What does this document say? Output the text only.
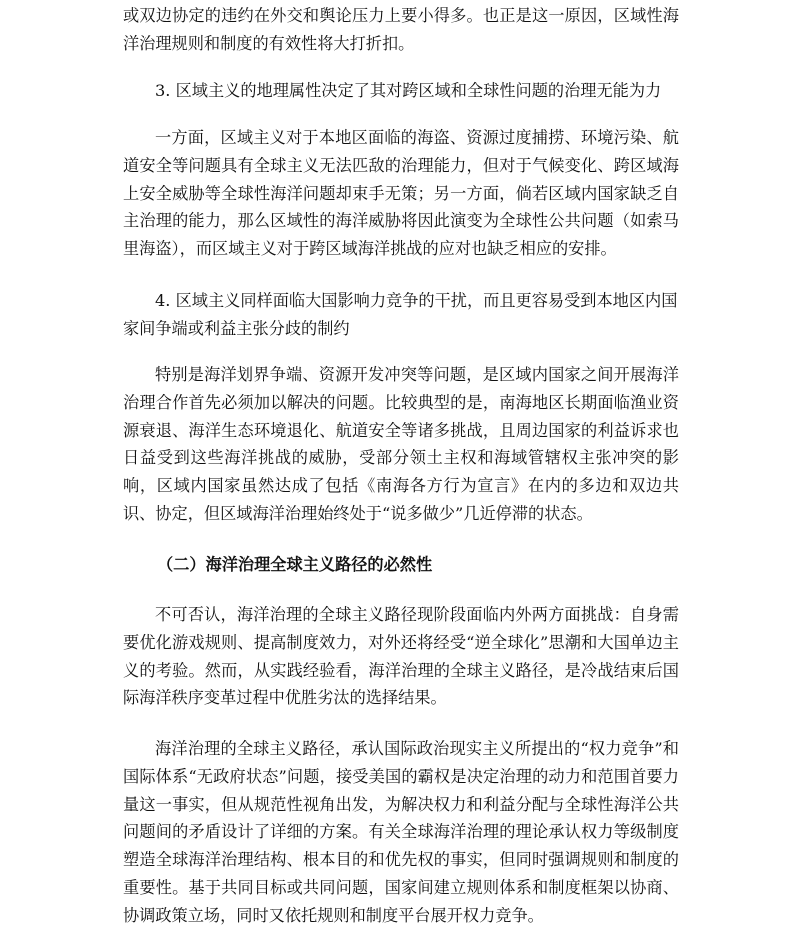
或双边协定的违约在外交和舆论压力上要小得多。也正是这一原因，区域性海洋治理规则和制度的有效性将大打折扣。

3. 区域主义的地理属性决定了其对跨区域和全球性问题的治理无能为力

一方面，区域主义对于本地区面临的海盗、资源过度捕捞、环境污染、航道安全等问题具有全球主义无法匹敌的治理能力，但对于气候变化、跨区域海上安全威胁等全球性海洋问题却束手无策；另一方面，倘若区域内国家缺乏自主治理的能力，那么区域性的海洋威胁将因此演变为全球性公共问题（如索马里海盗），而区域主义对于跨区域海洋挑战的应对也缺乏相应的安排。

4. 区域主义同样面临大国影响力竞争的干扰，而且更容易受到本地区内国家间争端或利益主张分歧的制约

特别是海洋划界争端、资源开发冲突等问题，是区域内国家之间开展海洋治理合作首先必须加以解决的问题。比较典型的是，南海地区长期面临渔业资源衰退、海洋生态环境退化、航道安全等诸多挑战，且周边国家的利益诉求也日益受到这些海洋挑战的威胁，受部分领土主权和海域管辖权主张冲突的影响，区域内国家虽然达成了包括《南海各方行为宣言》在内的多边和双边共识、协定，但区域海洋治理始终处于“说多做少”几近停滞的状态。

（二）海洋治理全球主义路径的必然性

不可否认，海洋治理的全球主义路径现阶段面临内外两方面挑战：自身需要优化游戏规则、提高制度效力，对外还将经受“逆全球化”思潮和大国单边主义的考验。然而，从实践经验看，海洋治理的全球主义路径，是冷战结束后国际海洋秩序变革过程中优胜劣汰的选择结果。

海洋治理的全球主义路径，承认国际政治现实主义所提出的“权力竞争”和国际体系“无政府状态”问题，接受美国的霸权是决定治理的动力和范围首要力量这一事实，但从规范性视角出发，为解决权力和利益分配与全球性海洋公共问题间的矛盾设计了详细的方案。有关全球海洋治理的理论承认权力等级制度塑造全球海洋治理结构、根本目的和优先权的事实，但同时强调规则和制度的重要性。基于共同目标或共同问题，国家间建立规则体系和制度框架以协商、协调政策立场，同时又依托规则和制度平台展开权力竞争。
